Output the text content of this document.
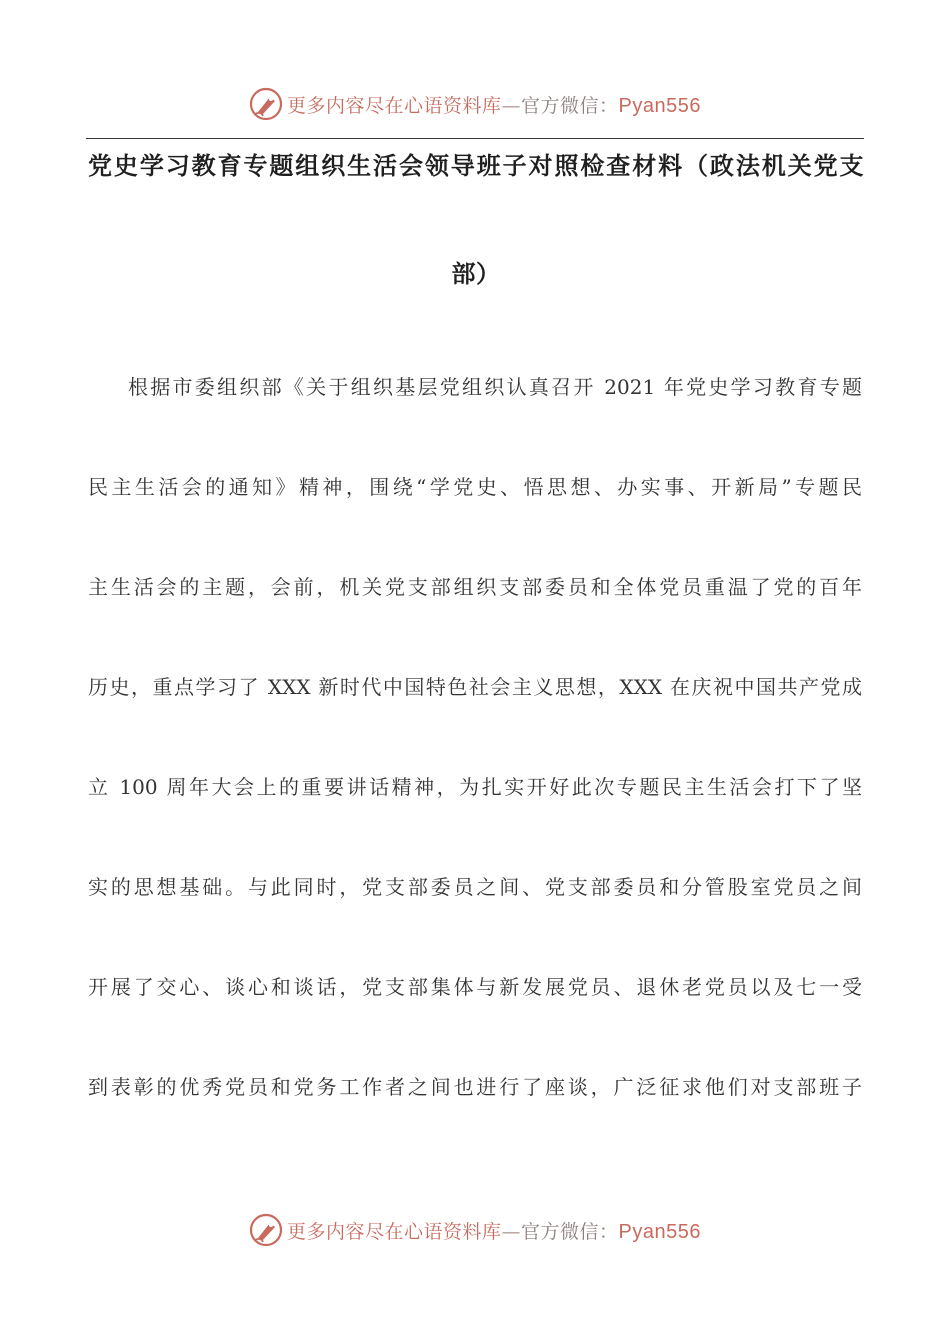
更多内容尽在心语资料库—官方微信：Pyan556
党史学习教育专题组织生活会领导班子对照检查材料（政法机关党支
部）
根据市委组织部《关于组织基层党组织认真召开 2021 年党史学习教育专题
民主生活会的通知》精神，围绕“学党史、悟思想、办实事、开新局”专题民
主生活会的主题，会前，机关党支部组织支部委员和全体党员重温了党的百年
历史，重点学习了 XXX 新时代中国特色社会主义思想，XXX 在庆祝中国共产党成
立 100 周年大会上的重要讲话精神，为扎实开好此次专题民主生活会打下了坚
实的思想基础。与此同时，党支部委员之间、党支部委员和分管股室党员之间
开展了交心、谈心和谈话，党支部集体与新发展党员、退休老党员以及七一受
到表彰的优秀党员和党务工作者之间也进行了座谈，广泛征求他们对支部班子
更多内容尽在心语资料库—官方微信：Pyan556
